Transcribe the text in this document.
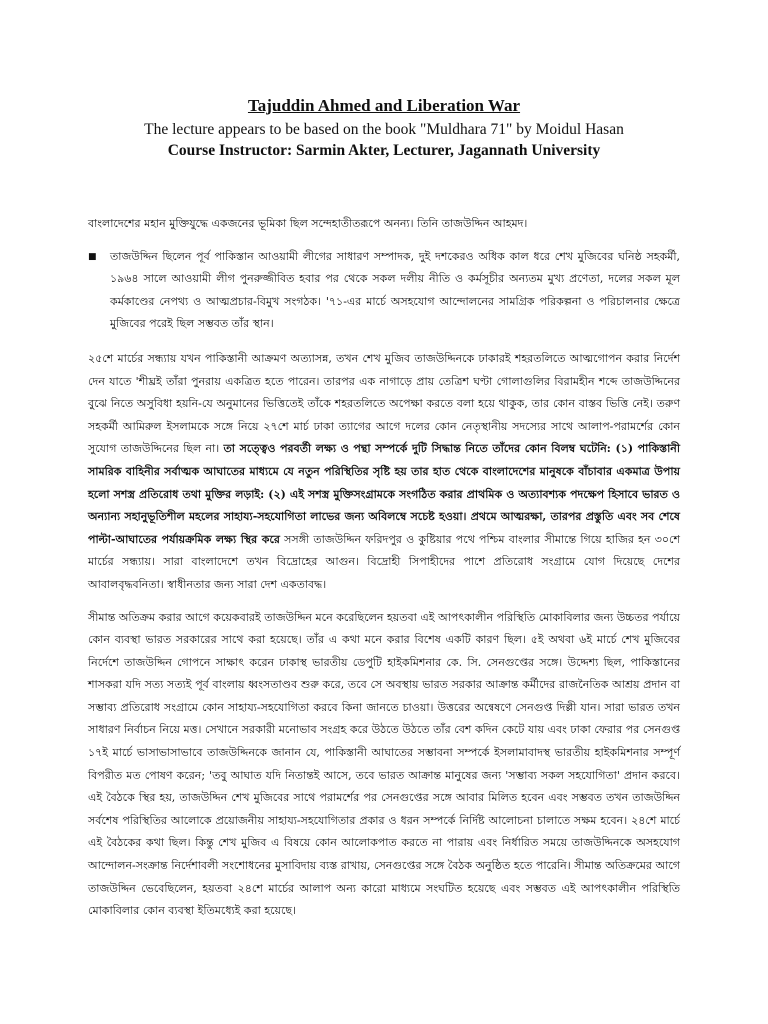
Tajuddin Ahmed and Liberation War
The lecture appears to be based on the book "Muldhara 71" by Moidul Hasan
Course Instructor: Sarmin Akter, Lecturer, Jagannath University

বাংলাদেশের মহান মুক্তিযুদ্ধে একজনের ভূমিকা ছিল সন্দেহাতীতরূপে অনন্য। তিনি তাজউদ্দিন আহমদ।

■	তাজউদ্দিন ছিলেন পূর্ব পাকিস্তান আওয়ামী লীগের সাধারণ সম্পাদক, দুই দশকেরও অধিক কাল ধরে শেখ মুজিবের ঘনিষ্ঠ সহকর্মী, ১৯৬৪ সালে আওয়ামী লীগ পুনরুজ্জীবিত হবার পর থেকে সকল দলীয় নীতি ও কর্মসূচীর অন্যতম মুখ্য প্রণেতা, দলের সকল মূল কর্মকাণ্ডের নেপথ্য ও আত্মপ্রচার-বিমুখ সংগঠক। '৭১-এর মার্চে অসহযোগ আন্দোলনের সামগ্রিক পরিকল্পনা ও পরিচালনার ক্ষেত্রে মুজিবের পরেই ছিল সম্ভবত তাঁর স্থান।

২৫শে মার্চের সন্ধ্যায় যখন পাকিস্তানী আক্রমণ অত্যাসন্ন, তখন শেখ মুজিব তাজউদ্দিনকে ঢাকারই শহরতলিতে আত্মগোপন করার নির্দেশ দেন যাতে 'শীঘ্রই তাঁরা পুনরায় একত্রিত হতে পারেন। তারপর এক নাগাড়ে প্রায় তেত্রিশ ঘণ্টা গোলাগুলির বিরামহীন শব্দে তাজউদ্দিনের বুঝে নিতে অসুবিধা হয়নি-যে অনুমানের ভিত্তিতেই তাঁকে শহরতলিতে অপেক্ষা করতে বলা হয়ে থাকুক, তার কোন বাস্তব ভিত্তি নেই। তরুণ সহকর্মী আমিরুল ইসলামকে সঙ্গে নিয়ে ২৭শে মার্চ ঢাকা ত্যাগের আগে দলের কোন নেতৃস্থানীয় সদস্যের সাথে আলাপ-পরামর্শের কোন সুযোগ তাজউদ্দিনের ছিল না। তা সত্ত্বেও পরবর্তী লক্ষ্য ও পন্থা সম্পর্কে দুটি সিদ্ধান্ত নিতে তাঁদের কোন বিলম্ব ঘটেনি: (১) পাকিস্তানী সামরিক বাহিনীর সর্বাত্মক আঘাতের মাধ্যমে যে নতুন পরিস্থিতির সৃষ্টি হয় তার হাত থেকে বাংলাদেশের মানুষকে বাঁচাবার একমাত্র উপায় হলো সশস্ত্র প্রতিরোধ তথা মুক্তির লড়াই: (২) এই সশস্ত্র মুক্তিসংগ্রামকে সংগঠিত করার প্রাথমিক ও অত্যাবশ্যক পদক্ষেপ হিসাবে ভারত ও অন্যান্য সহানুভূতিশীল মহলের সাহায্য-সহযোগিতা লাভের জন্য অবিলম্বে সচেষ্ট হওয়া। প্রথমে আত্মরক্ষা, তারপর প্রস্তুতি এবং সব শেষে পাল্টা-আঘাতের পর্যায়ক্রমিক লক্ষ্য স্থির করে সসঙ্গী তাজউদ্দিন ফরিদপুর ও কুষ্টিয়ার পথে পশ্চিম বাংলার সীমান্তে গিয়ে হাজির হন ৩০শে মার্চের সন্ধ্যায়। সারা বাংলাদেশে তখন বিদ্রোহের আগুন। বিদ্রোহী সিপাহীদের পাশে প্রতিরোধ সংগ্রামে যোগ দিয়েছে দেশের আবালবৃদ্ধবনিতা। স্বাধীনতার জন্য সারা দেশ একতাবদ্ধ।

সীমান্ত অতিক্রম করার আগে কয়েকবারই তাজউদ্দিন মনে করেছিলেন হয়তবা এই আপৎকালীন পরিস্থিতি মোকাবিলার জন্য উচ্চতর পর্যায়ে কোন ব্যবস্থা ভারত সরকারের সাথে করা হয়েছে। তাঁর এ কথা মনে করার বিশেষ একটি কারণ ছিল। ৫ই অথবা ৬ই মার্চে শেখ মুজিবের নির্দেশে তাজউদ্দিন গোপনে সাক্ষাৎ করেন ঢাকাস্থ ভারতীয় ডেপুটি হাইকমিশনার কে. সি. সেনগুপ্তের সঙ্গে। উদ্দেশ্য ছিল, পাকিস্তানের শাসকরা যদি সত্য সত্যই পূর্ব বাংলায় ধ্বংসতাণ্ডব শুরু করে, তবে সে অবস্থায় ভারত সরকার আক্রান্ত কর্মীদের রাজনৈতিক আশ্রয় প্রদান বা সম্ভাব্য প্রতিরোধ সংগ্রামে কোন সাহায্য-সহযোগিতা করবে কিনা জানতে চাওয়া। উত্তরের অন্বেষণে সেনগুপ্ত দিল্লী যান। সারা ভারত তখন সাধারণ নির্বাচন নিয়ে মত্ত। সেখানে সরকারী মনোভাব সংগ্রহ করে উঠতে উঠতে তাঁর বেশ কদিন কেটে যায় এবং ঢাকা ফেরার পর সেনগুপ্ত ১৭ই মার্চে ভাসাভাসাভাবে তাজউদ্দিনকে জানান যে, পাকিস্তানী আঘাতের সম্ভাবনা সম্পর্কে ইসলামাবাদস্থ ভারতীয় হাইকমিশনার সম্পূর্ণ বিপরীত মত পোষণ করেন; 'তবু আঘাত যদি নিতান্তই আসে, তবে ভারত আক্রান্ত মানুষের জন্য 'সম্ভাব্য সকল সহযোগিতা' প্রদান করবে। এই বৈঠকে স্থির হয়, তাজউদ্দিন শেখ মুজিবের সাথে পরামর্শের পর সেনগুপ্তের সঙ্গে আবার মিলিত হবেন এবং সম্ভবত তখন তাজউদ্দিন সর্বশেষ পরিস্থিতির আলোকে প্রয়োজনীয় সাহায্য-সহযোগিতার প্রকার ও ধরন সম্পর্কে নির্দিষ্ট আলোচনা চালাতে সক্ষম হবেন। ২৪শে মার্চে এই বৈঠকের কথা ছিল। কিন্তু শেখ মুজিব এ বিষয়ে কোন আলোকপাত করতে না পারায় এবং নির্ধারিত সময়ে তাজউদ্দিনকে অসহযোগ আন্দোলন-সংক্রান্ত নির্দেশাবলী সংশোধনের মুসাবিদায় ব্যস্ত রাখায়, সেনগুপ্তের সঙ্গে বৈঠক অনুষ্ঠিত হতে পারেনি। সীমান্ত অতিক্রমের আগে তাজউদ্দিন ভেবেছিলেন, হয়তবা ২৪শে মার্চের আলাপ অন্য কারো মাধ্যমে সংঘটিত হয়েছে এবং সম্ভবত এই আপৎকালীন পরিস্থিতি মোকাবিলার কোন ব্যবস্থা ইতিমধ্যেই করা হয়েছে।
